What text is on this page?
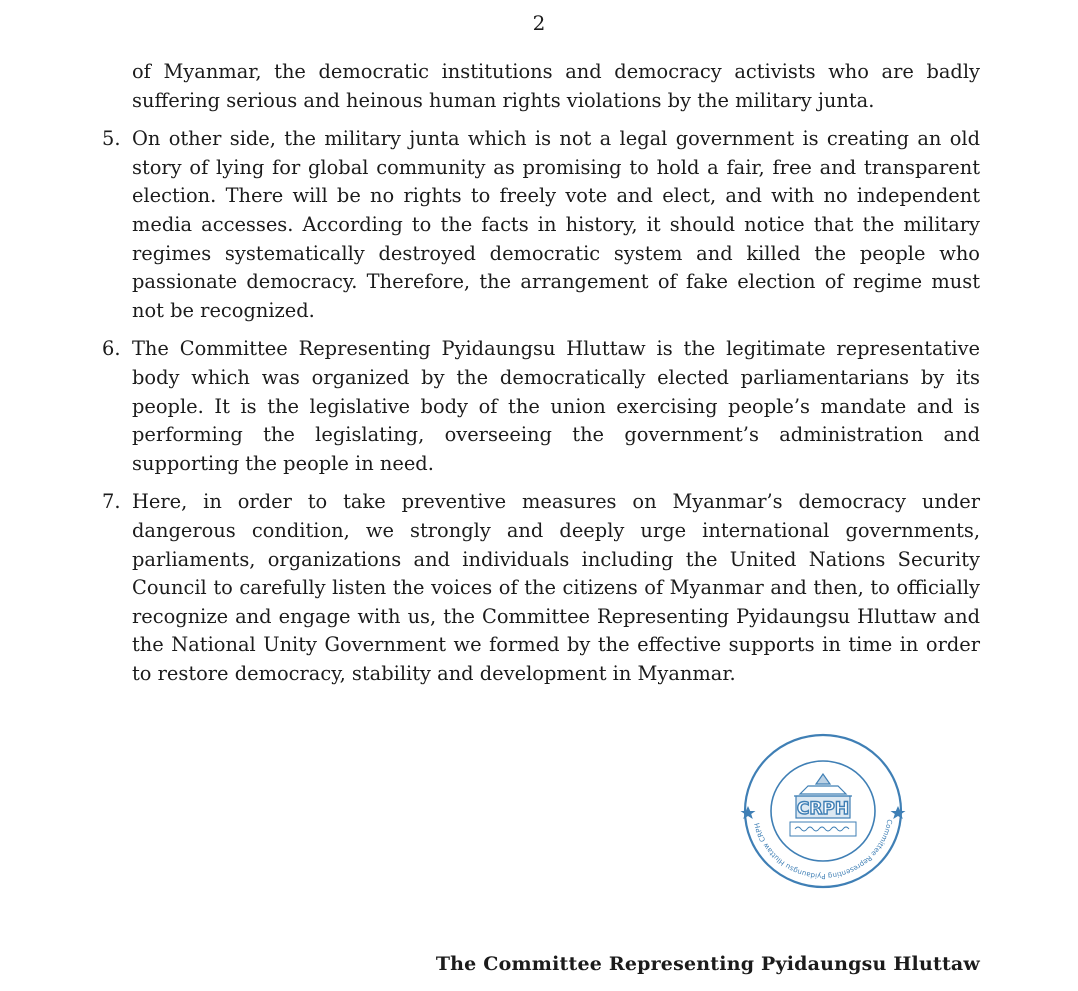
2
of Myanmar, the democratic institutions and democracy activists who are badly suffering serious and heinous human rights violations by the military junta.
5. On other side, the military junta which is not a legal government is creating an old story of lying for global community as promising to hold a fair, free and transparent election. There will be no rights to freely vote and elect, and with no independent media accesses. According to the facts in history, it should notice that the military regimes systematically destroyed democratic system and killed the people who passionate democracy. Therefore, the arrangement of fake election of regime must not be recognized.
6. The Committee Representing Pyidaungsu Hluttaw is the legitimate representative body which was organized by the democratically elected parliamentarians by its people. It is the legislative body of the union exercising people’s mandate and is performing the legislating, overseeing the government’s administration and supporting the people in need.
7. Here, in order to take preventive measures on Myanmar’s democracy under dangerous condition, we strongly and deeply urge international governments, parliaments, organizations and individuals including the United Nations Security Council to carefully listen the voices of the citizens of Myanmar and then, to officially recognize and engage with us, the Committee Representing Pyidaungsu Hluttaw and the National Unity Government we formed by the effective supports in time in order to restore democracy, stability and development in Myanmar.
Committee Representing Pyidaungsu Hluttaw CRPH
CRPH
The Committee Representing Pyidaungsu Hluttaw
